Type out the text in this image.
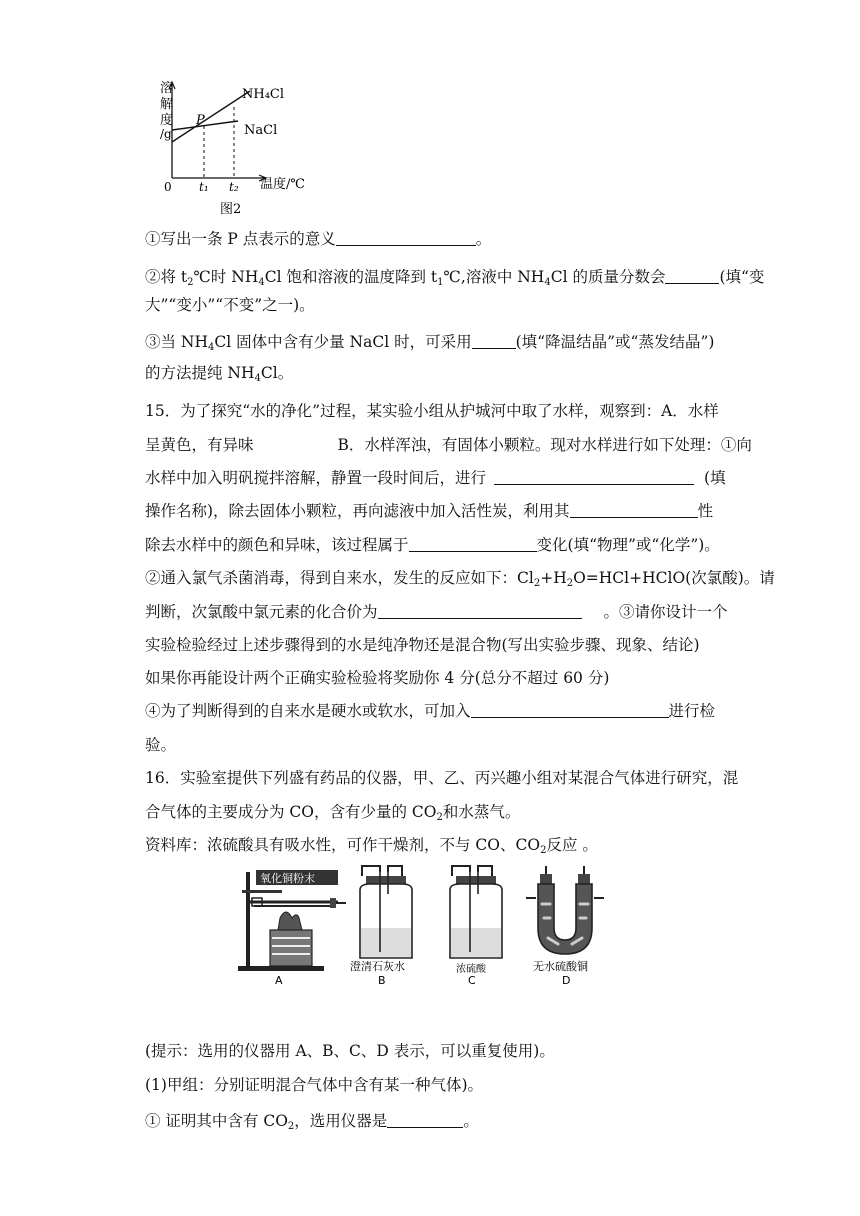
溶
解
度
/g
P
NH₄Cl
NaCl
0 t₁ t₂ 温度/℃
图2
①写出一条 P 点表示的意义	。
②将 $t_2℃$时 $NH_4Cl$ 饱和溶液的温度降到 $t_1℃$,溶液中 $NH_4Cl$ 的质量分数会	(填“变
大”“变小”“不变”之一)。
③当 $NH_4Cl$ 固体中含有少量 NaCl 时，可采用	(填“降温结晶”或“蒸发结晶”)
的方法提纯 $NH_4Cl$。
15．为了探究“水的净化”过程，某实验小组从护城河中取了水样，观察到：A．水样
呈黄色，有异味	B．水样浑浊，有固体小颗粒。现对水样进行如下处理：①向
水样中加入明矾搅拌溶解，静置一段时间后，进行	(填
操作名称)，除去固体小颗粒，再向滤液中加入活性炭，利用其	性
除去水样中的颜色和异味，该过程属于	变化(填“物理”或“化学”)。
②通入氯气杀菌消毒，得到自来水，发生的反应如下：$Cl_2+H_2O=HCl+HClO$(次氯酸)。请
判断，次氯酸中氯元素的化合价为	。③请你设计一个
实验检验经过上述步骤得到的水是纯净物还是混合物(写出实验步骤、现象、结论)
如果你再能设计两个正确实验检验将奖励你 4 分(总分不超过 60 分)
④为了判断得到的自来水是硬水或软水，可加入	进行检
验。
16．实验室提供下列盛有药品的仪器，甲、乙、丙兴趣小组对某混合气体进行研究，混
合气体的主要成分为 CO，含有少量的 $CO_2$和水蒸气。
资料库：浓硫酸具有吸水性，可作干燥剂，不与 CO、$CO_2$反应 。
氧化铜粉末
A
澄清石灰水
B
浓硫酸
C
无水硫酸铜
D
(提示：选用的仪器用 A、B、C、D 表示，可以重复使用)。
(1)甲组：分别证明混合气体中含有某一种气体)。
① 证明其中含有 $CO_2$，选用仪器是	。
